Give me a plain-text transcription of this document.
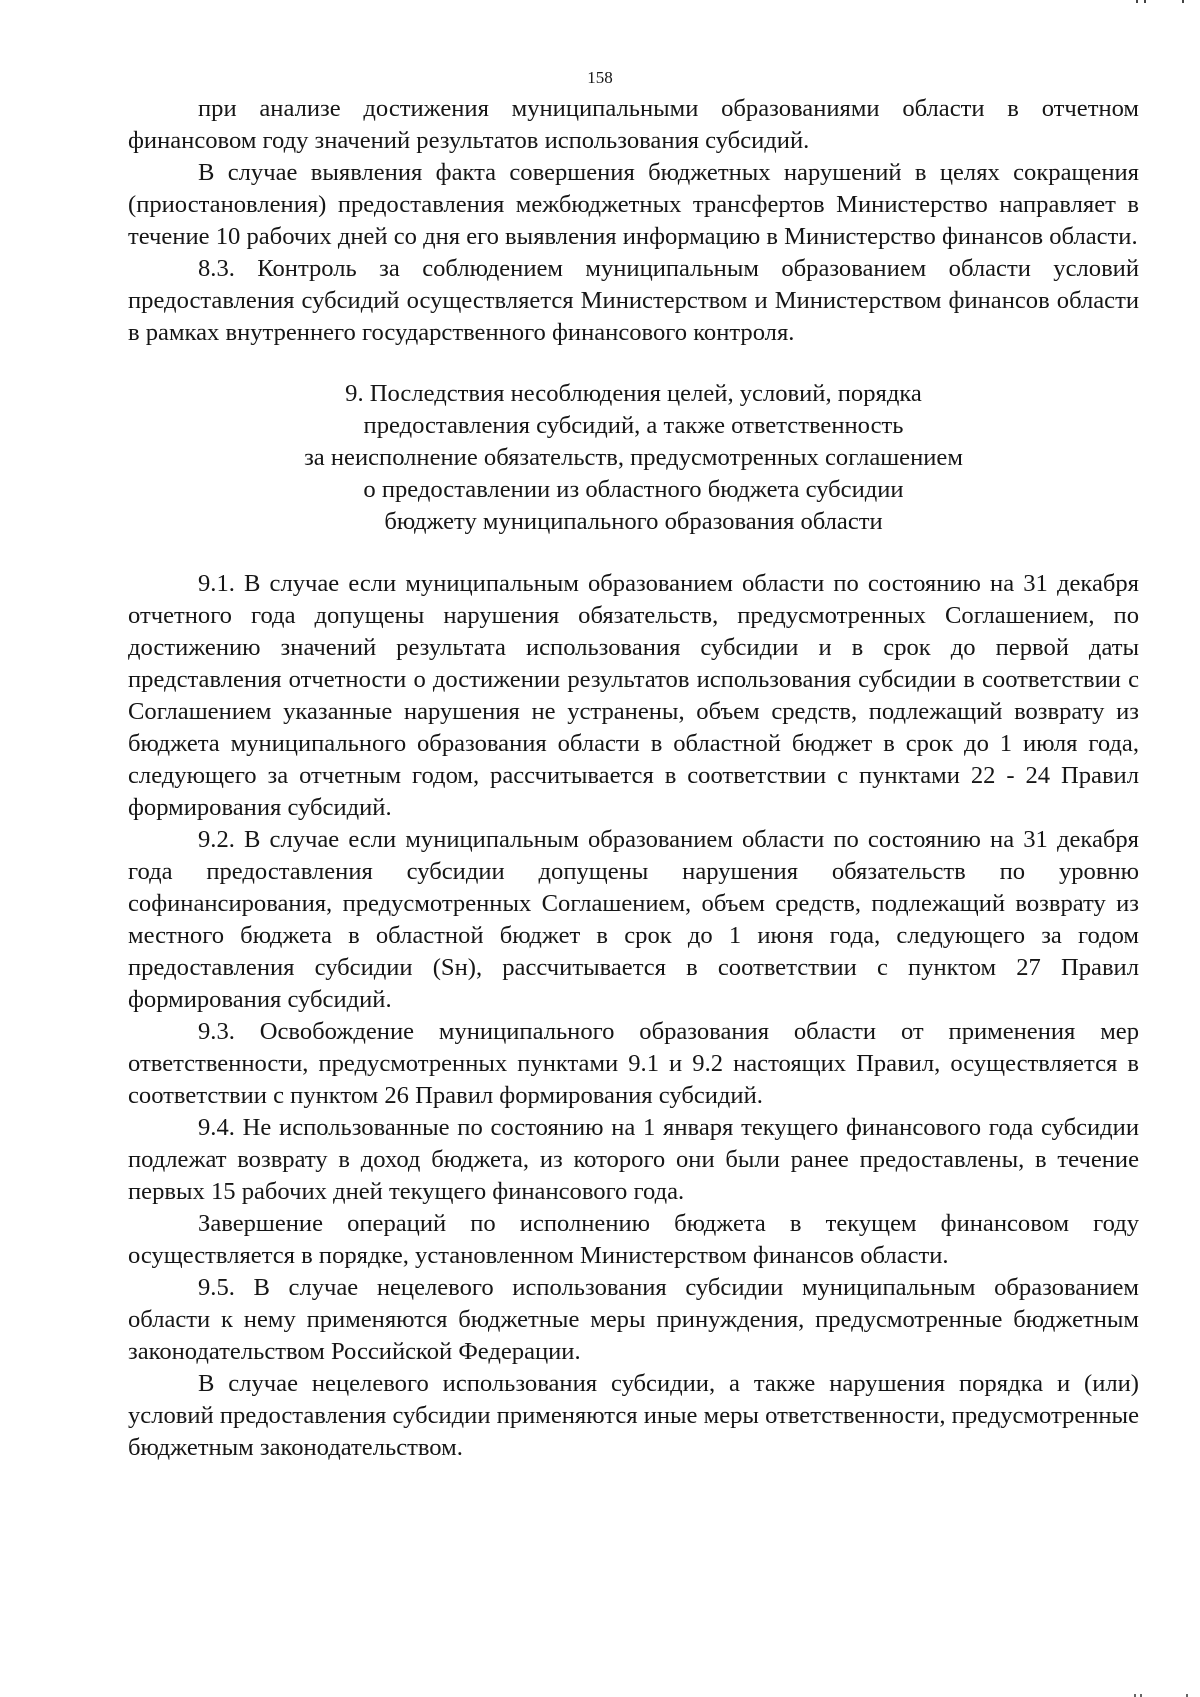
158

при анализе достижения муниципальными образованиями области в отчетном финансовом году значений результатов использования субсидий.

В случае выявления факта совершения бюджетных нарушений в целях сокращения (приостановления) предоставления межбюджетных трансфертов Министерство направляет в течение 10 рабочих дней со дня его выявления информацию в Министерство финансов области.

8.3. Контроль за соблюдением муниципальным образованием области условий предоставления субсидий осуществляется Министерством и Министерством финансов области в рамках внутреннего государственного финансового контроля.

9. Последствия несоблюдения целей, условий, порядка
предоставления субсидий, а также ответственность
за неисполнение обязательств, предусмотренных соглашением
о предоставлении из областного бюджета субсидии
бюджету муниципального образования области

9.1. В случае если муниципальным образованием области по состоянию на 31 декабря отчетного года допущены нарушения обязательств, предусмотренных Соглашением, по достижению значений результата использования субсидии и в срок до первой даты представления отчетности о достижении результатов использования субсидии в соответствии с Соглашением указанные нарушения не устранены, объем средств, подлежащий возврату из бюджета муниципального образования области в областной бюджет в срок до 1 июля года, следующего за отчетным годом, рассчитывается в соответствии с пунктами 22 - 24 Правил формирования субсидий.

9.2. В случае если муниципальным образованием области по состоянию на 31 декабря года предоставления субсидии допущены нарушения обязательств по уровню софинансирования, предусмотренных Соглашением, объем средств, подлежащий возврату из местного бюджета в областной бюджет в срок до 1 июня года, следующего за годом предоставления субсидии (Sн), рассчитывается в соответствии с пунктом 27 Правил формирования субсидий.

9.3. Освобождение муниципального образования области от применения мер ответственности, предусмотренных пунктами 9.1 и 9.2 настоящих Правил, осуществляется в соответствии с пунктом 26 Правил формирования субсидий.

9.4. Не использованные по состоянию на 1 января текущего финансового года субсидии подлежат возврату в доход бюджета, из которого они были ранее предоставлены, в течение первых 15 рабочих дней текущего финансового года.

Завершение операций по исполнению бюджета в текущем финансовом году осуществляется в порядке, установленном Министерством финансов области.

9.5. В случае нецелевого использования субсидии муниципальным образованием области к нему применяются бюджетные меры принуждения, предусмотренные бюджетным законодательством Российской Федерации.

В случае нецелевого использования субсидии, а также нарушения порядка и (или) условий предоставления субсидии применяются иные меры ответственности, предусмотренные бюджетным законодательством.
